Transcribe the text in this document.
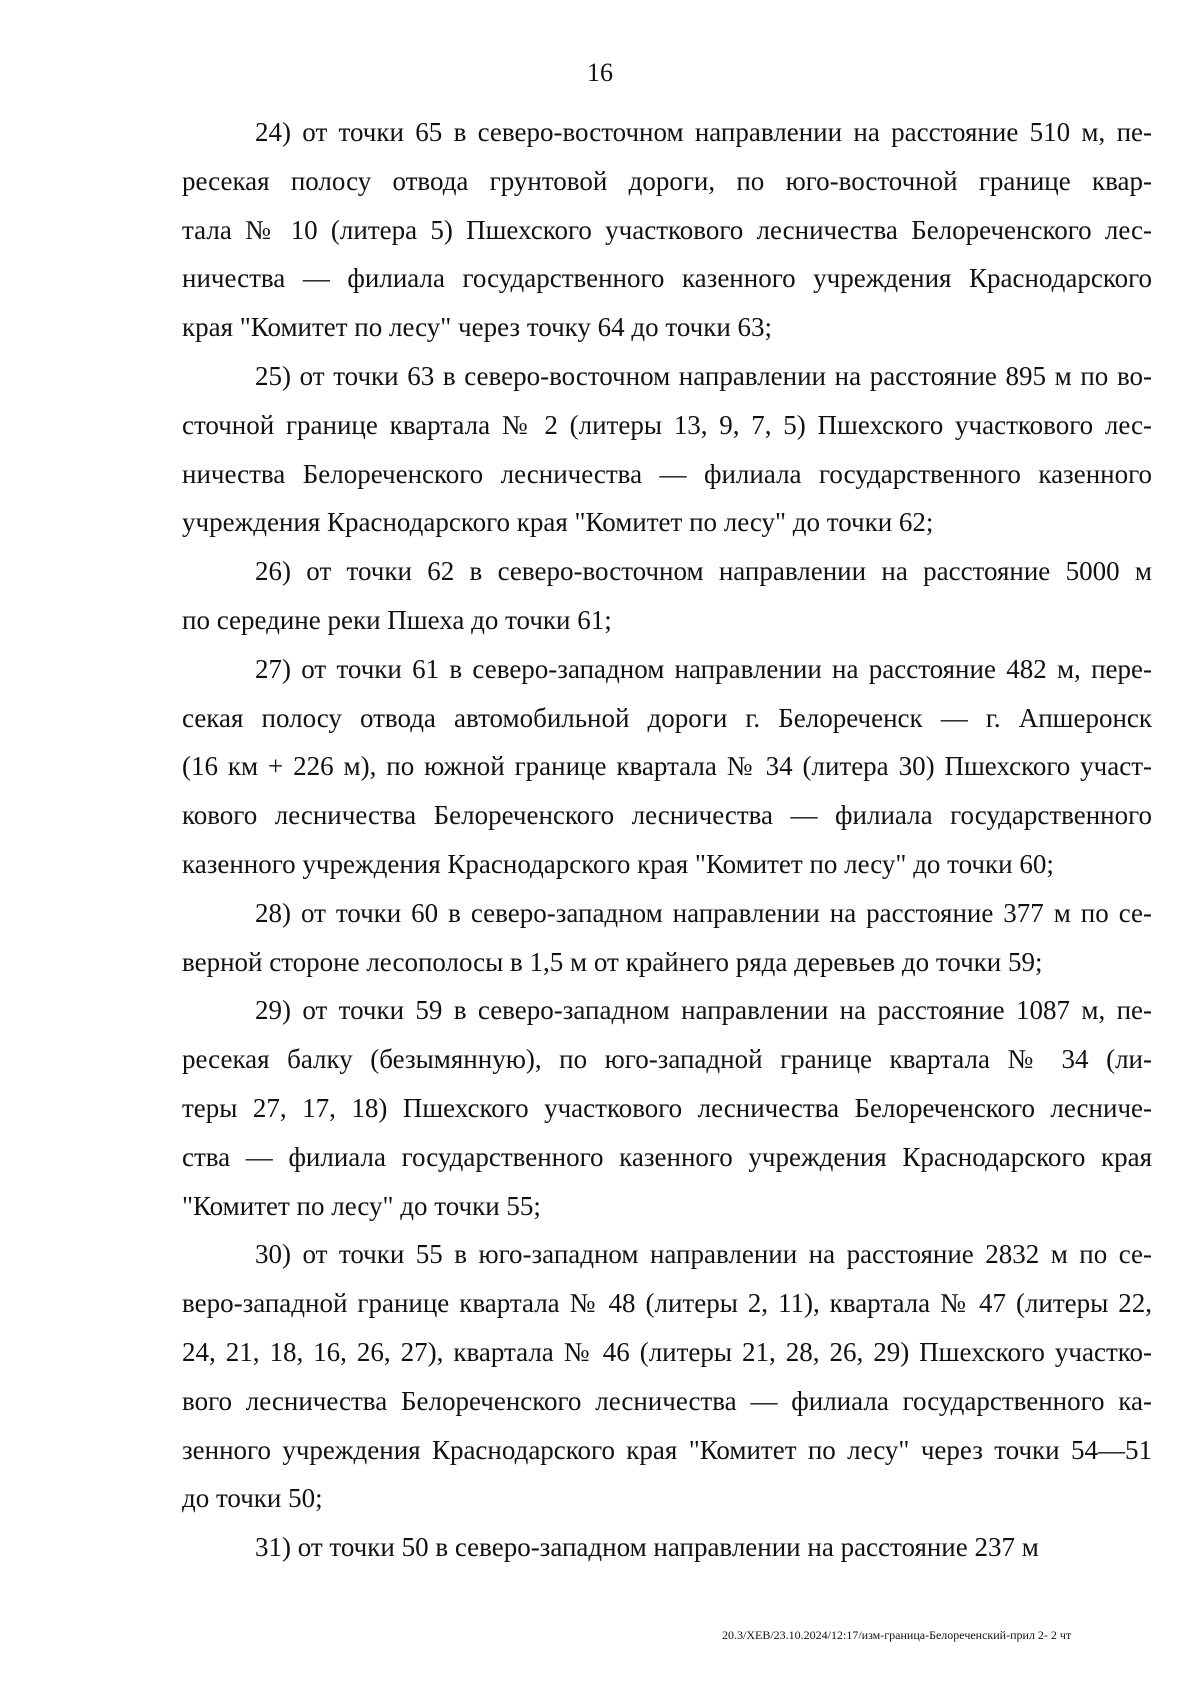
16
24) от точки 65 в северо-восточном направлении на расстояние 510 м, пе-
ресекая полосу отвода грунтовой дороги, по юго-восточной границе квар-
тала № 10 (литера 5) Пшехского участкового лесничества Белореченского лес-
ничества — филиала государственного казенного учреждения Краснодарского
края "Комитет по лесу" через точку 64 до точки 63;
25) от точки 63 в северо-восточном направлении на расстояние 895 м по во-
сточной границе квартала № 2 (литеры 13, 9, 7, 5) Пшехского участкового лес-
ничества Белореченского лесничества — филиала государственного казенного
учреждения Краснодарского края "Комитет по лесу" до точки 62;
26) от точки 62 в северо-восточном направлении на расстояние 5000 м
по середине реки Пшеха до точки 61;
27) от точки 61 в северо-западном направлении на расстояние 482 м, пере-
секая полосу отвода автомобильной дороги г. Белореченск — г. Апшеронск
(16 км + 226 м), по южной границе квартала № 34 (литера 30) Пшехского участ-
кового лесничества Белореченского лесничества — филиала государственного
казенного учреждения Краснодарского края "Комитет по лесу" до точки 60;
28) от точки 60 в северо-западном направлении на расстояние 377 м по се-
верной стороне лесополосы в 1,5 м от крайнего ряда деревьев до точки 59;
29) от точки 59 в северо-западном направлении на расстояние 1087 м, пе-
ресекая балку (безымянную), по юго-западной границе квартала № 34 (ли-
теры 27, 17, 18) Пшехского участкового лесничества Белореченского лесниче-
ства — филиала государственного казенного учреждения Краснодарского края
"Комитет по лесу" до точки 55;
30) от точки 55 в юго-западном направлении на расстояние 2832 м по се-
веро-западной границе квартала № 48 (литеры 2, 11), квартала № 47 (литеры 22,
24, 21, 18, 16, 26, 27), квартала № 46 (литеры 21, 28, 26, 29) Пшехского участко-
вого лесничества Белореченского лесничества — филиала государственного ка-
зенного учреждения Краснодарского края "Комитет по лесу" через точки 54—51
до точки 50;
31) от точки 50 в северо-западном направлении на расстояние 237 м
20.3/ХЕВ/23.10.2024/12:17/изм-граница-Белореченский-прил 2- 2 чт
